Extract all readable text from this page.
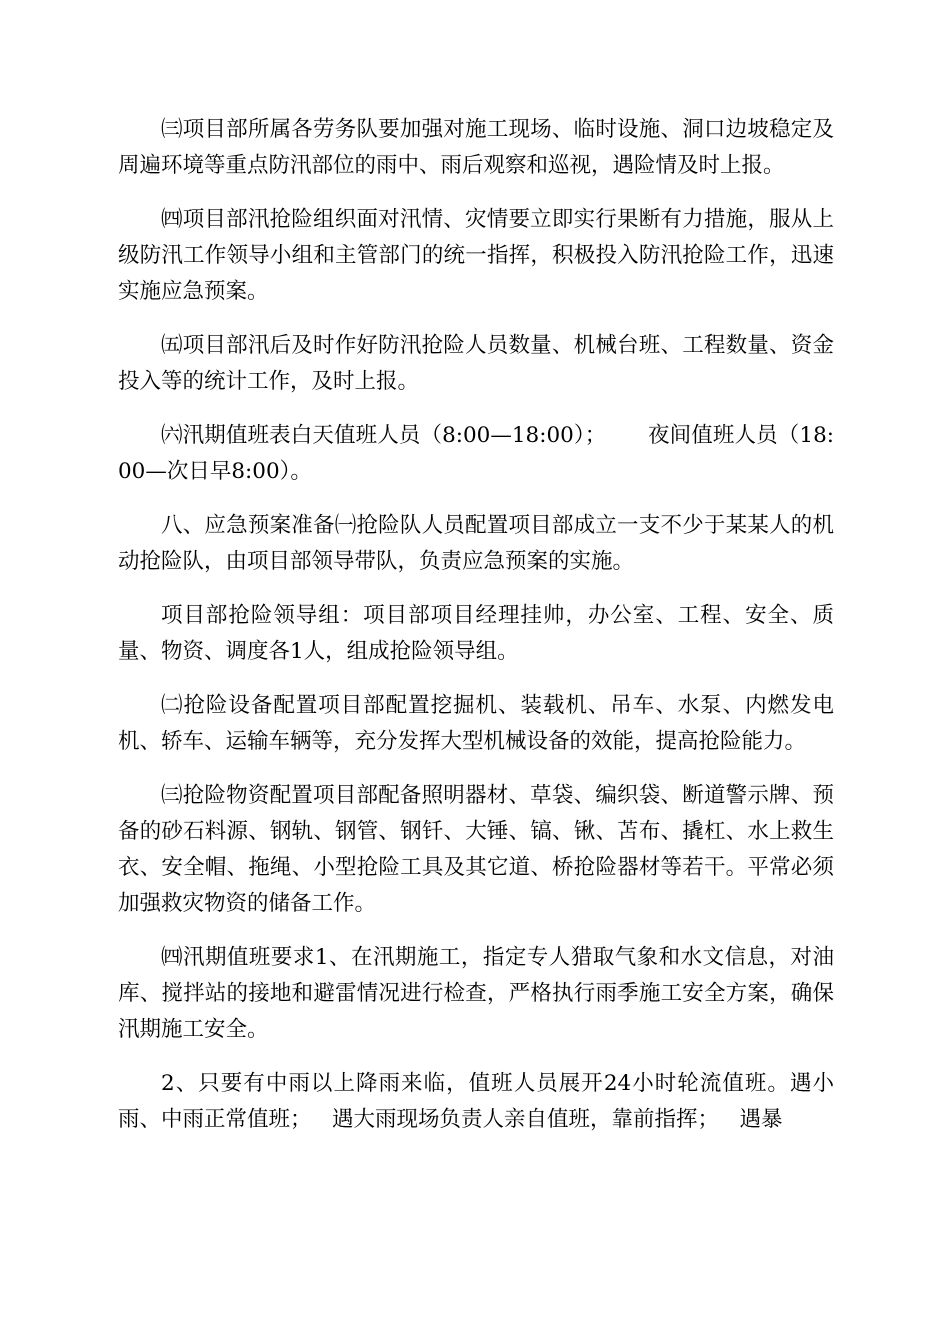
㈢项目部所属各劳务队要加强对施工现场、临时设施、洞口边坡稳定及周遍环境等重点防汛部位的雨中、雨后观察和巡视，遇险情及时上报。

㈣项目部汛抢险组织面对汛情、灾情要立即实行果断有力措施，服从上级防汛工作领导小组和主管部门的统一指挥，积极投入防汛抢险工作，迅速实施应急预案。

㈤项目部汛后及时作好防汛抢险人员数量、机械台班、工程数量、资金投入等的统计工作，及时上报。

㈥汛期值班表白天值班人员（8:00—18:00）；      夜间值班人员（18:00—次日早8:00）。

八、应急预案准备㈠抢险队人员配置项目部成立一支不少于某某人的机动抢险队，由项目部领导带队，负责应急预案的实施。

项目部抢险领导组：项目部项目经理挂帅，办公室、工程、安全、质量、物资、调度各1人，组成抢险领导组。

㈡抢险设备配置项目部配置挖掘机、装载机、吊车、水泵、内燃发电机、轿车、运输车辆等，充分发挥大型机械设备的效能，提高抢险能力。

㈢抢险物资配置项目部配备照明器材、草袋、编织袋、断道警示牌、预备的砂石料源、钢轨、钢管、钢钎、大锤、镐、锹、苫布、撬杠、水上救生衣、安全帽、拖绳、小型抢险工具及其它道、桥抢险器材等若干。平常必须加强救灾物资的储备工作。

㈣汛期值班要求1、在汛期施工，指定专人猎取气象和水文信息，对油库、搅拌站的接地和避雷情况进行检查，严格执行雨季施工安全方案，确保汛期施工安全。

2、只要有中雨以上降雨来临，值班人员展开24小时轮流值班。遇小雨、中雨正常值班；   遇大雨现场负责人亲自值班，靠前指挥；   遇暴
